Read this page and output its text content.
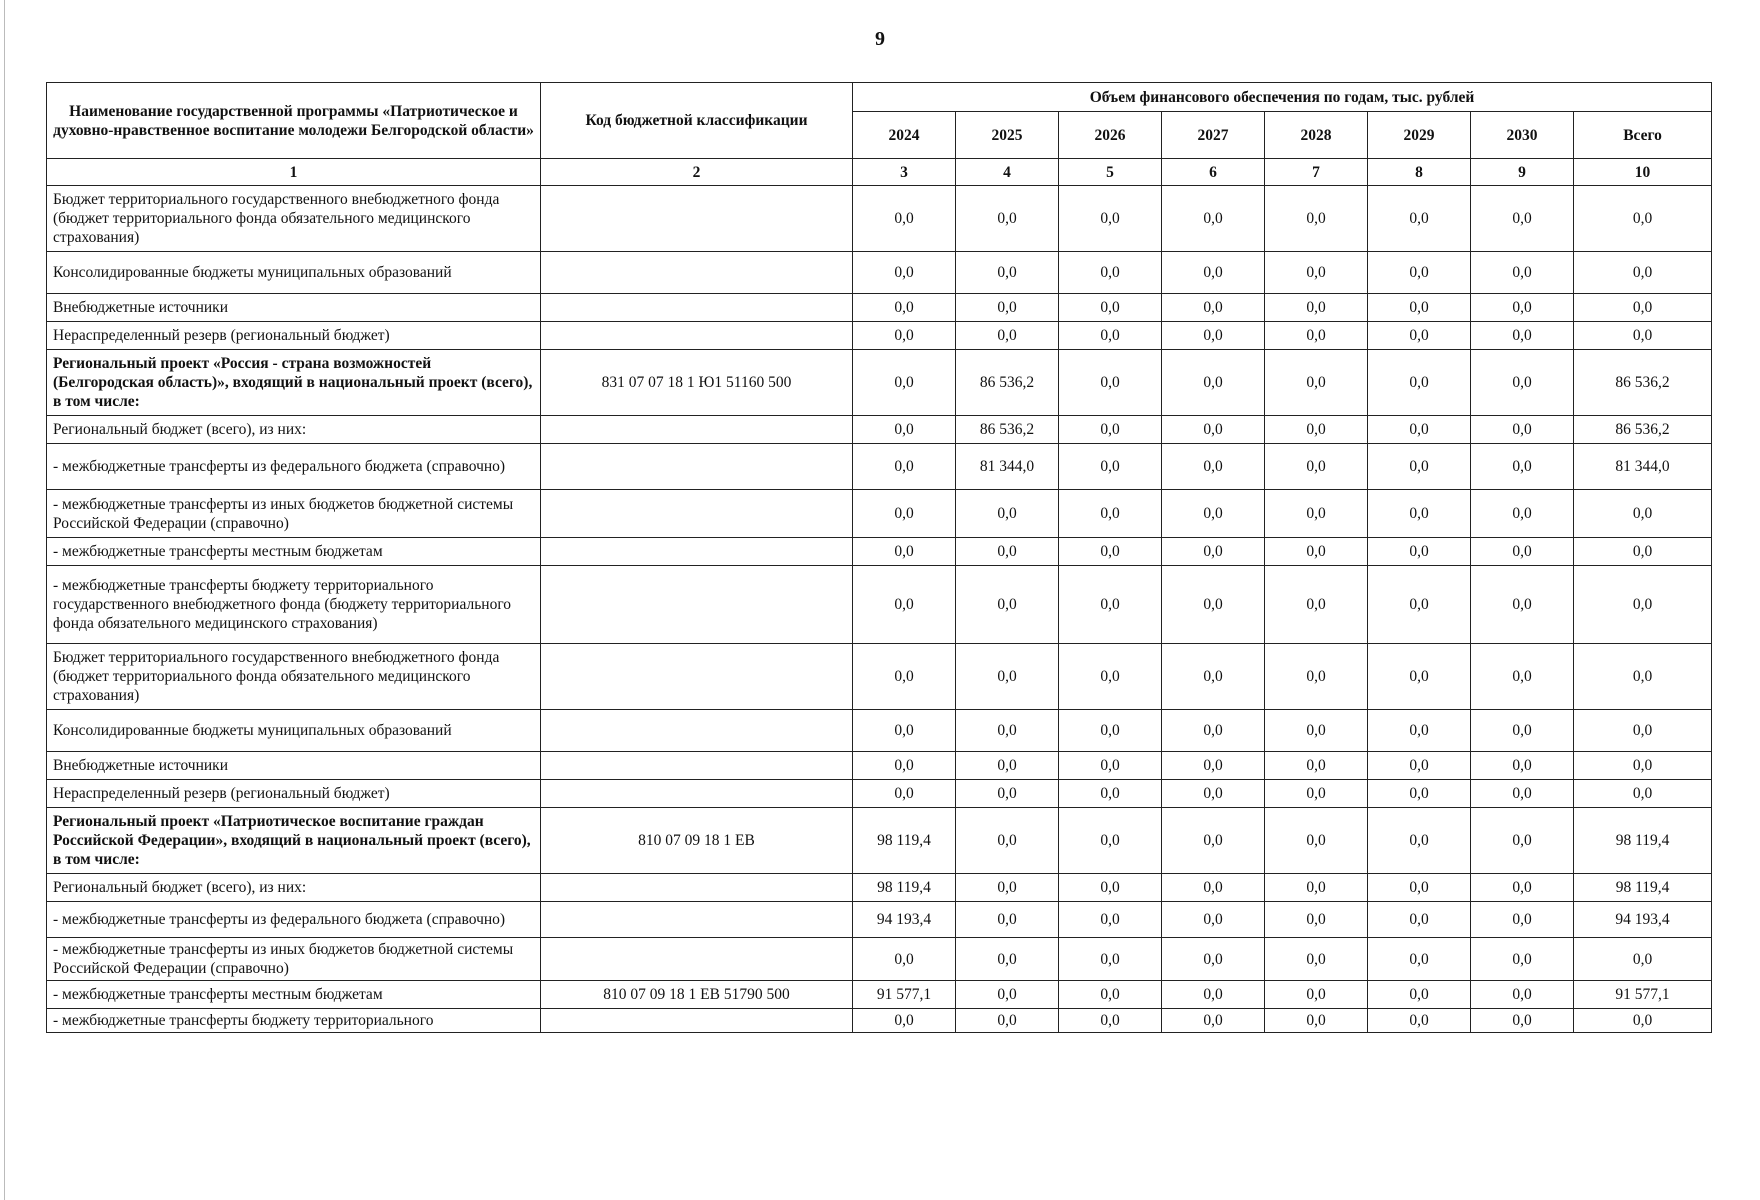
9
Наименование государственной программы «Патриотическое и духовно-нравственное воспитание молодежи Белгородской области»	Код бюджетной классификации	Объем финансового обеспечения по годам, тыс. рублей							
		2024	2025	2026	2027	2028	2029	2030	Всего
1	2	3	4	5	6	7	8	9	10
Бюджет территориального государственного внебюджетного фонда (бюджет территориального фонда обязательного медицинского страхования)		0,0	0,0	0,0	0,0	0,0	0,0	0,0	0,0
Консолидированные бюджеты муниципальных образований		0,0	0,0	0,0	0,0	0,0	0,0	0,0	0,0
Внебюджетные источники		0,0	0,0	0,0	0,0	0,0	0,0	0,0	0,0
Нераспределенный резерв (региональный бюджет)		0,0	0,0	0,0	0,0	0,0	0,0	0,0	0,0
Региональный проект «Россия - страна возможностей (Белгородская область)», входящий в национальный проект (всего), в том числе:	831 07 07 18 1 Ю1 51160 500	0,0	86 536,2	0,0	0,0	0,0	0,0	0,0	86 536,2
Региональный бюджет (всего), из них:		0,0	86 536,2	0,0	0,0	0,0	0,0	0,0	86 536,2
- межбюджетные трансферты из федерального бюджета (справочно)		0,0	81 344,0	0,0	0,0	0,0	0,0	0,0	81 344,0
- межбюджетные трансферты из иных бюджетов бюджетной системы Российской Федерации (справочно)		0,0	0,0	0,0	0,0	0,0	0,0	0,0	0,0
- межбюджетные трансферты местным бюджетам		0,0	0,0	0,0	0,0	0,0	0,0	0,0	0,0
- межбюджетные трансферты бюджету территориального государственного внебюджетного фонда (бюджету территориального фонда обязательного медицинского страхования)		0,0	0,0	0,0	0,0	0,0	0,0	0,0	0,0
Бюджет территориального государственного внебюджетного фонда (бюджет территориального фонда обязательного медицинского страхования)		0,0	0,0	0,0	0,0	0,0	0,0	0,0	0,0
Консолидированные бюджеты муниципальных образований		0,0	0,0	0,0	0,0	0,0	0,0	0,0	0,0
Внебюджетные источники		0,0	0,0	0,0	0,0	0,0	0,0	0,0	0,0
Нераспределенный резерв (региональный бюджет)		0,0	0,0	0,0	0,0	0,0	0,0	0,0	0,0
Региональный проект «Патриотическое воспитание граждан Российской Федерации», входящий в национальный проект (всего), в том числе:	810 07 09 18 1 ЕВ	98 119,4	0,0	0,0	0,0	0,0	0,0	0,0	98 119,4
Региональный бюджет (всего), из них:		98 119,4	0,0	0,0	0,0	0,0	0,0	0,0	98 119,4
- межбюджетные трансферты из федерального бюджета (справочно)		94 193,4	0,0	0,0	0,0	0,0	0,0	0,0	94 193,4
- межбюджетные трансферты из иных бюджетов бюджетной системы Российской Федерации (справочно)		0,0	0,0	0,0	0,0	0,0	0,0	0,0	0,0
- межбюджетные трансферты местным бюджетам	810 07 09 18 1 ЕВ 51790 500	91 577,1	0,0	0,0	0,0	0,0	0,0	0,0	91 577,1
- межбюджетные трансферты бюджету территориального		0,0	0,0	0,0	0,0	0,0	0,0	0,0	0,0
